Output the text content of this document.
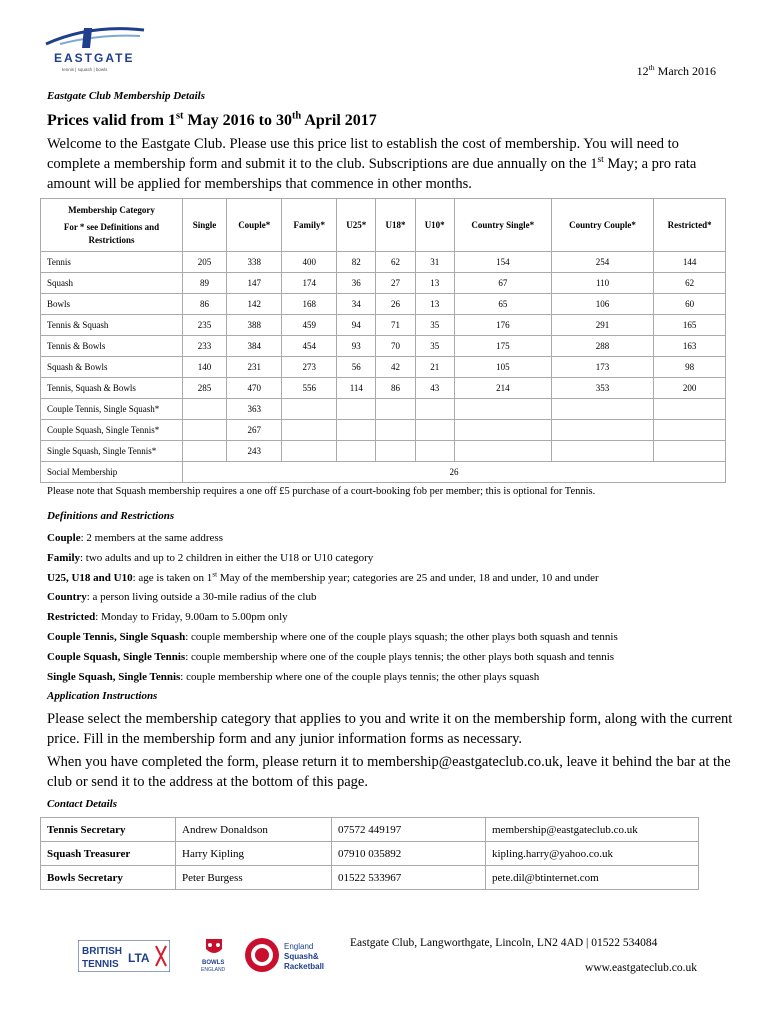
EASTGATE
tennis | squash | bowls	12th March 2016
Eastgate Club Membership Details
Prices valid from 1st May 2016 to 30th April 2017
Welcome to the Eastgate Club. Please use this price list to establish the cost of membership. You will need to complete a membership form and submit it to the club. Subscriptions are due annually on the 1st May; a pro rata amount will be applied for memberships that commence in other months.
Membership Category
For * see Definitions and Restrictions	Single	Couple*	Family*	U25*	U18*	U10*	Country Single*	Country Couple*	Restricted*
Tennis	205	338	400	82	62	31	154	254	144
Squash	89	147	174	36	27	13	67	110	62
Bowls	86	142	168	34	26	13	65	106	60
Tennis & Squash	235	388	459	94	71	35	176	291	165
Tennis & Bowls	233	384	454	93	70	35	175	288	163
Squash & Bowls	140	231	273	56	42	21	105	173	98
Tennis, Squash & Bowls	285	470	556	114	86	43	214	353	200
Couple Tennis, Single Squash*		363							
Couple Squash, Single Tennis*		267							
Single Squash, Single Tennis*		243							
Social Membership	26								
Please note that Squash membership requires a one off £5 purchase of a court-booking fob per member; this is optional for Tennis.
Definitions and Restrictions
Couple: 2 members at the same address
Family: two adults and up to 2 children in either the U18 or U10 category
U25, U18 and U10: age is taken on 1st May of the membership year; categories are 25 and under, 18 and under, 10 and under
Country: a person living outside a 30-mile radius of the club
Restricted: Monday to Friday, 9.00am to 5.00pm only
Couple Tennis, Single Squash: couple membership where one of the couple plays squash; the other plays both squash and tennis
Couple Squash, Single Tennis: couple membership where one of the couple plays tennis; the other plays both squash and tennis
Single Squash, Single Tennis: couple membership where one of the couple plays tennis; the other plays squash
Application Instructions

Please select the membership category that applies to you and write it on the membership form, along with the current price. Fill in the membership form and any junior information forms as necessary.

When you have completed the form, please return it to membership@eastgateclub.co.uk, leave it behind the bar at the club or send it to the address at the bottom of this page.

Contact Details
Tennis Secretary	Andrew Donaldson	07572 449197	membership@eastgateclub.co.uk
Squash Treasurer	Harry Kipling	07910 035892	kipling.harry@yahoo.co.uk
Bowls Secretary	Peter Burgess	01522 533967	pete.dil@btinternet.com
BRITISH
TENNIS LTA	BOWLS
ENGLAND
England
Squash&
Racketball
Eastgate Club, Langworthgate, Lincoln, LN2 4AD | 01522 534084
www.eastgateclub.co.uk
